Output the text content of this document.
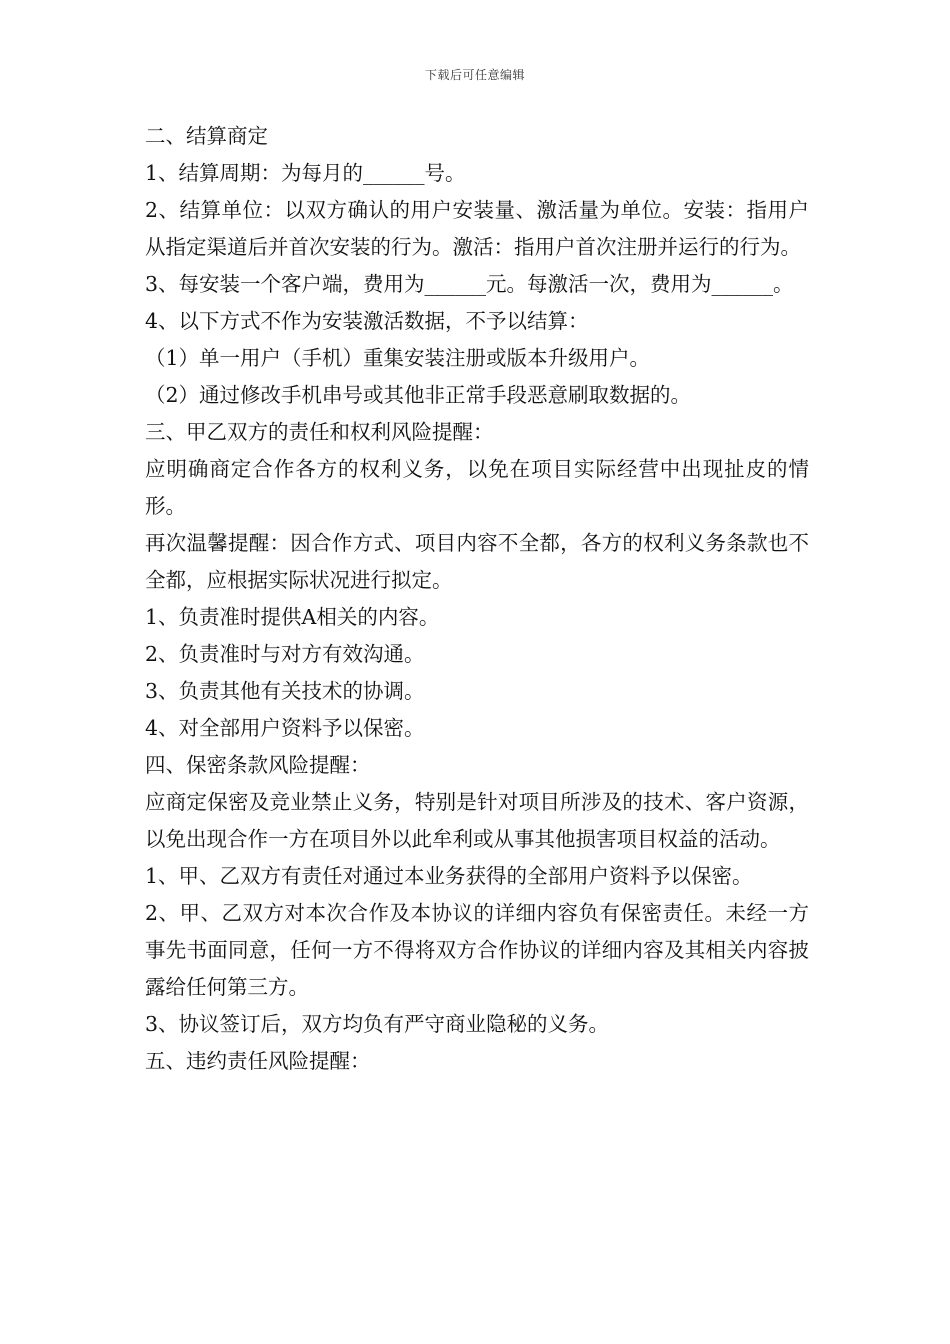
下载后可任意编辑

二、结算商定

1、结算周期：为每月的______号。

2、结算单位：以双方确认的用户安装量、激活量为单位。安装：指用户从指定渠道后并首次安装的行为。激活：指用户首次注册并运行的行为。

3、每安装一个客户端，费用为______元。每激活一次，费用为______。

4、以下方式不作为安装激活数据，不予以结算：

（1）单一用户（手机）重集安装注册或版本升级用户。

（2）通过修改手机串号或其他非正常手段恶意刷取数据的。

三、甲乙双方的责任和权利风险提醒：

应明确商定合作各方的权利义务，以免在项目实际经营中出现扯皮的情形。

再次温馨提醒：因合作方式、项目内容不全都，各方的权利义务条款也不全都，应根据实际状况进行拟定。

1、负责准时提供A相关的内容。

2、负责准时与对方有效沟通。

3、负责其他有关技术的协调。

4、对全部用户资料予以保密。

四、保密条款风险提醒：

应商定保密及竞业禁止义务，特别是针对项目所涉及的技术、客户资源，以免出现合作一方在项目外以此牟利或从事其他损害项目权益的活动。

1、甲、乙双方有责任对通过本业务获得的全部用户资料予以保密。

2、甲、乙双方对本次合作及本协议的详细内容负有保密责任。未经一方事先书面同意，任何一方不得将双方合作协议的详细内容及其相关内容披露给任何第三方。

3、协议签订后，双方均负有严守商业隐秘的义务。

五、违约责任风险提醒：
